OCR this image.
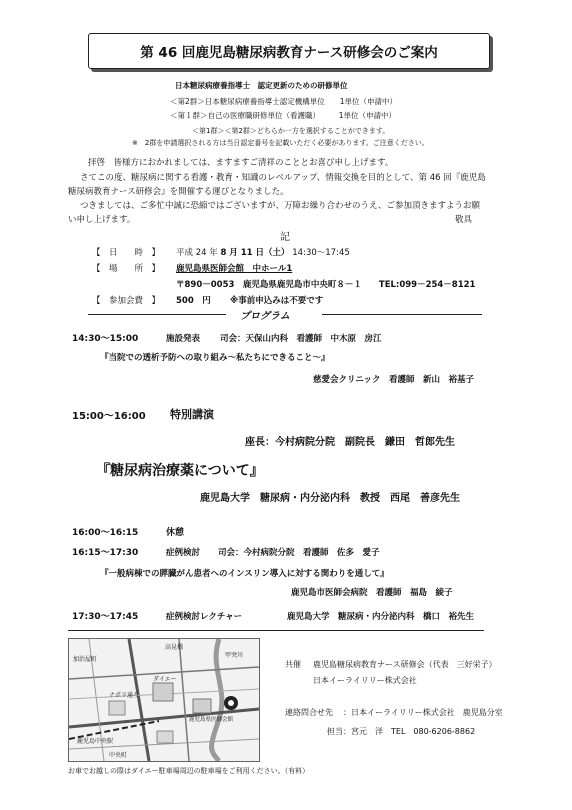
第 46 回鹿児島糖尿病教育ナース研修会のご案内
日本糖尿病療養指導士　認定更新のための研修単位
＜第2群＞日本糖尿病療養指導士認定機構単位　　1単位（申請中）
＜第１群＞自己の医療職研修単位（看護職）　　　1単位（申請中）
＜第1群＞＜第2群＞どちらか一方を選択することができます。
※　2群を申請選択される方は当日認定番号を記載いただく必要があります。ご注意ください。
拝啓　皆様方におかれましては、ますますご清祥のこととお喜び申し上げます。
さてこの度、糖尿病に関する看護・教育・知識のレベルアップ、情報交換を目的として、第 46 回『鹿児島
糖尿病教育ナース研修会』を開催する運びとなりました。
つきましては、ご多忙中誠に恐縮ではございますが、万障お繰り合わせのうえ、ご参加頂きますようお願
い申し上げます。	敬具
記
【　日　　時　】 平成 24 年 8 月 11 日（土） 14:30～17:45
【　場　　所　】 鹿児島県医師会館　中ホール1
〒890－0053　鹿児島県鹿児島市中央町８－１　　TEL:099－254－8121
【　参加会費　】 500　円 ※事前申込みは不要です
プログラム
14:30～15:00	施設発表 司会：天保山内科　看護師　中木原　房江
『当院での透析予防への取り組み～私たちにできること～』
慈愛会クリニック　看護師　新山　裕基子
15:00～16:00 特別講演
座長：今村病院分院　副院長　鎌田　哲郎先生
『糖尿病治療薬について』
鹿児島大学　糖尿病・内分泌内科　教授　西尾　善彦先生
16:00～16:15	休憩
16:15～17:30	症例検討 司会：今村病院分院　看護師　佐多　愛子
『一般病棟での膵臓がん患者へのインスリン導入に対する関わりを通して』
鹿児島市医師会病院　看護師　福島　綾子
17:30～17:45	症例検討レクチャー	鹿児島大学　糖尿病・内分泌内科　橋口　裕先生
鹿児島中央駅
高見橋
ダイエー
加治屋町
甲突川
鹿児島県医師会館
中央町
ナポリ通り
共催 鹿児島糖尿病教育ナース研修会（代表　三好栄子）
日本イーライリリー株式会社
連絡問合せ先 ：日本イーライリリー株式会社　鹿児島分室
担当 ：宮元　洋　TEL　080-6206-8862
お車でお越しの際はダイエー駐車場周辺の駐車場をご利用ください。（有料）
